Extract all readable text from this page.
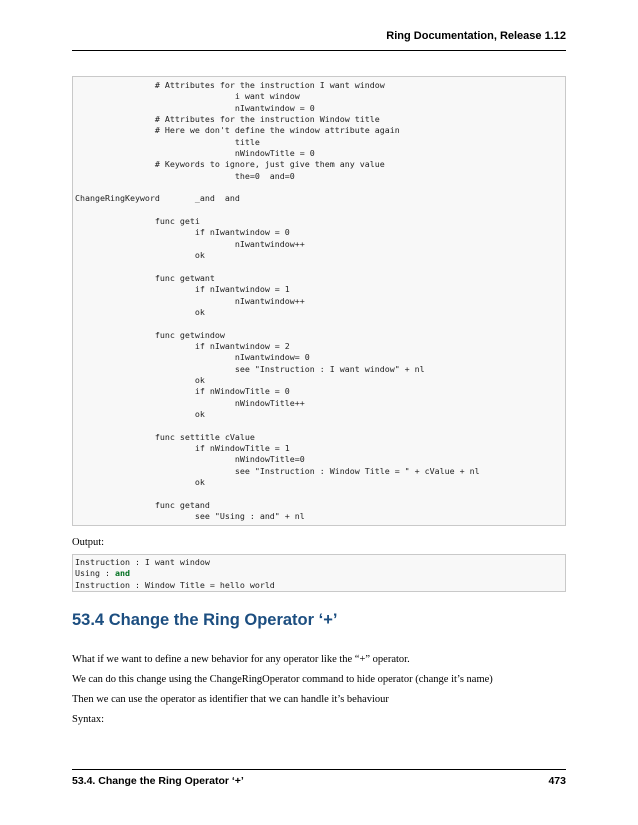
Ring Documentation, Release 1.12
# Attributes for the instruction I want window
i want window
nIwantwindow = 0
# Attributes for the instruction Window title
# Here we don't define the window attribute again
title
nWindowTitle = 0
# Keywords to ignore, just give them any value
the=0  and=0

ChangeRingKeyword       _and  and

func geti
if nIwantwindow = 0
nIwantwindow++
ok

func getwant
if nIwantwindow = 1
nIwantwindow++
ok

func getwindow
if nIwantwindow = 2
nIwantwindow= 0
see "Instruction : I want window" + nl
ok
if nWindowTitle = 0
nWindowTitle++
ok

func settitle cValue
if nWindowTitle = 1
nWindowTitle=0
see "Instruction : Window Title = " + cValue + nl
ok

func getand
see "Using : and" + nl
Output:
Instruction : I want window
Using : and
Instruction : Window Title = hello world
53.4 Change the Ring Operator ‘+’

What if we want to define a new behavior for any operator like the “+” operator.

We can do this change using the ChangeRingOperator command to hide operator (change it’s name)

Then we can use the operator as identifier that we can handle it’s behaviour

Syntax:

53.4. Change the Ring Operator ‘+’	473
